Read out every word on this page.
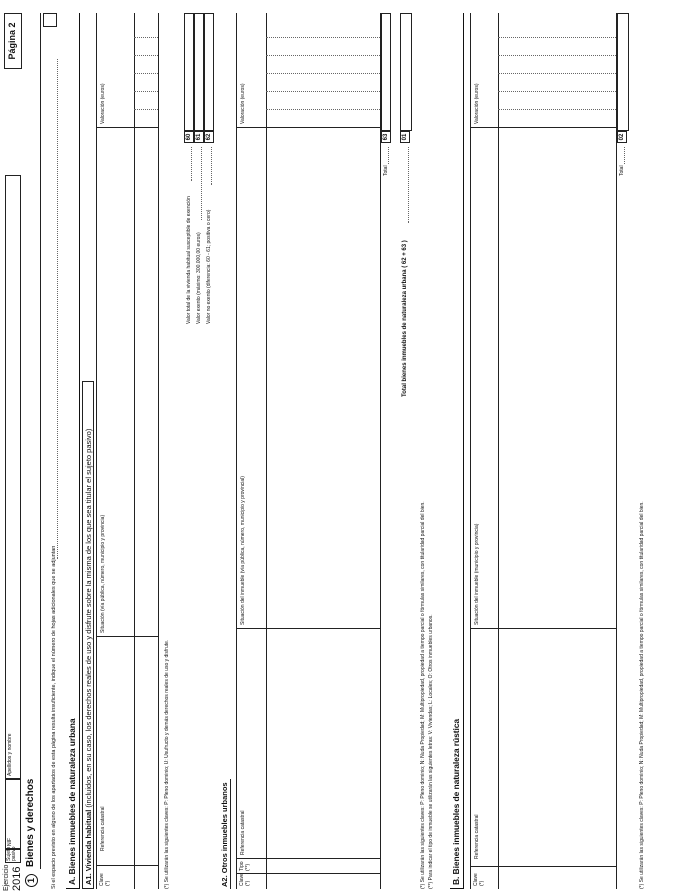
Ejercicio 2016
Sujeto pasivo
NIF
Apellidos y nombre
Página 2
1
Bienes y derechos	Si el espacio previsto en alguno de los apartados de esta página resulta insuficiente, indique el número de hojas adicionales que se adjuntan A. Bienes inmuebles de naturaleza urbana A1. Vivienda habitual (incluidos, en su caso, los derechos reales de uso y disfrute sobre la misma de los que sea titular el sujeto pasivo)
Clave (*)
Referencia catastral
Situación (vía pública, número, municipio y provincia)
Valoración (euros)
(*) Se utilizarán las siguientes claves: P: Pleno dominio; U: Usufructo y demás derechos reales de uso y disfrute.
Valor total de la vivienda habitual susceptible de exención
60
Valor exento (máximo: 300.000,00 euros)
61
Valor no exento (diferencia: 60 - 61; positiva o cero)
62
A2. Otros inmuebles urbanos Clave (*)
Tipo (**)
Referencia catastral
Situación del inmueble (vía pública, número, municipio y provincial)
Valoración (euros)
Total
63
Total bienes inmuebles de naturaleza urbana ( 62 + 63 )
01
(*) Se utilizarán las siguientes claves: P: Pleno dominio; N: Nuda Propiedad; M: Multipropiedad, propiedad a tiempo parcial o fórmulas similares, con titularidad parcial del bien. (**) Para indicar el tipo de inmueble se utilizarán las siguientes letras: V: Viviendas; L: Locales; O: Otros inmuebles urbanos. B. Bienes inmuebles de naturaleza rústica Clave (*)
Referencia catastral
Situación del inmueble (municipio y provincia)
Valoración (euros)
Total
02
(*) Se utilizarán las siguientes claves: P: Pleno dominio; N: Nuda Propiedad; M: Multipropiedad, propiedad a tiempo parcial o fórmulas similares, con titularidad parcial del bien.
